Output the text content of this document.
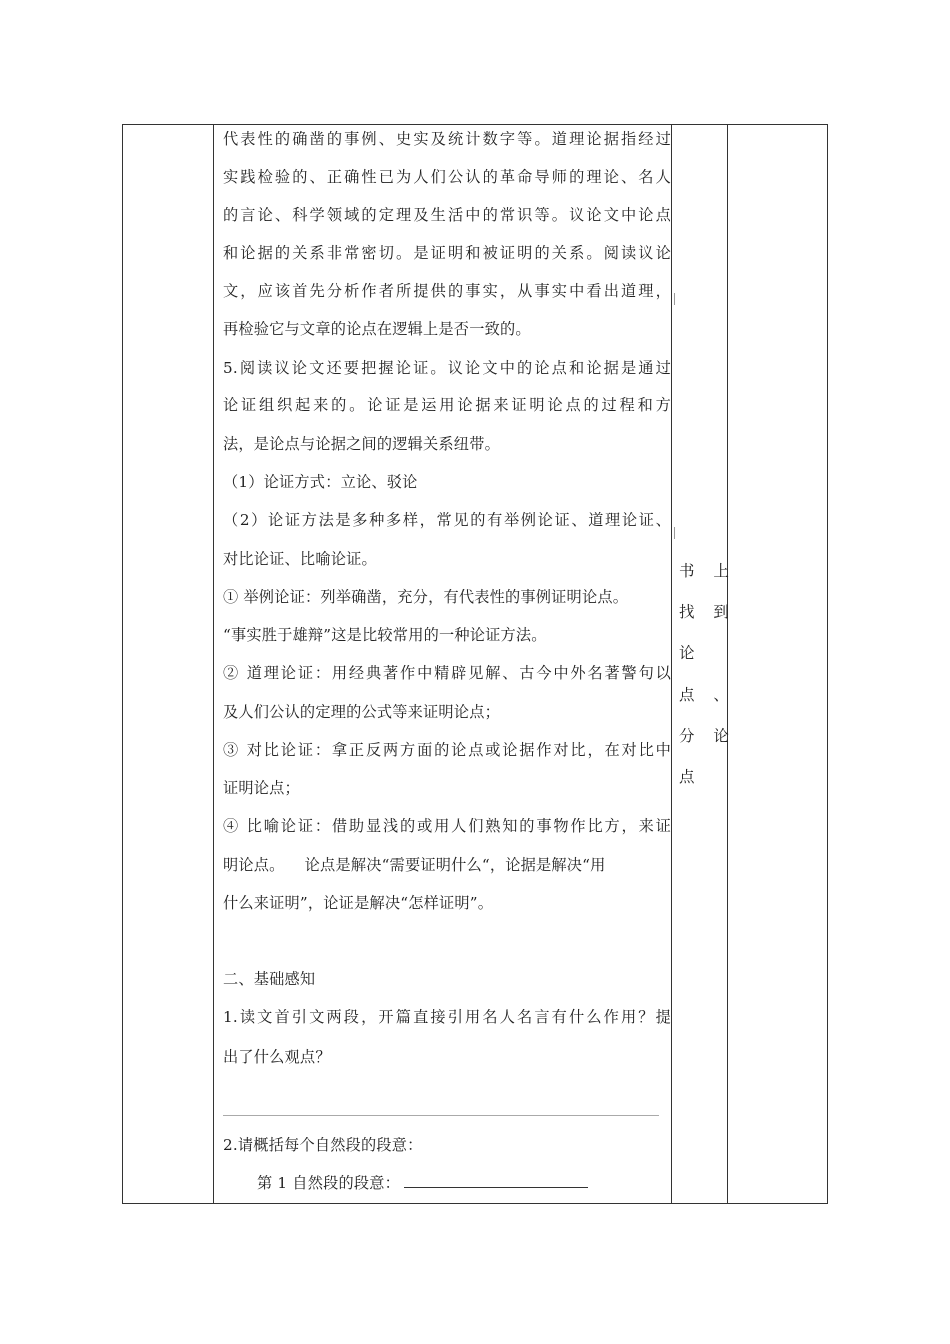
代表性的确凿的事例、史实及统计数字等。道理论据指经过
实践检验的、正确性已为人们公认的革命导师的理论、名人
的言论、科学领域的定理及生活中的常识等。议论文中论点
和论据的关系非常密切。是证明和被证明的关系。阅读议论
文，应该首先分析作者所提供的事实，从事实中看出道理，
再检验它与文章的论点在逻辑上是否一致的。
5.阅读议论文还要把握论证。议论文中的论点和论据是通过
论证组织起来的。论证是运用论据来证明论点的过程和方
法，是论点与论据之间的逻辑关系纽带。
（1）论证方式：立论、驳论
（2）论证方法是多种多样，常见的有举例论证、道理论证、
对比论证、比喻论证。
① 举例论证：列举确凿，充分，有代表性的事例证明论点。
“事实胜于雄辩”这是比较常用的一种论证方法。
② 道理论证：用经典著作中精辟见解、古今中外名著警句以
及人们公认的定理的公式等来证明论点；
③ 对比论证：拿正反两方面的论点或论据作对比，在对比中
证明论点；
④ 比喻论证：借助显浅的或用人们熟知的事物作比方，来证
明论点。    论点是解决“需要证明什么“，论据是解决“用
什么来证明”，论证是解决“怎样证明”。
二、基础感知
1.读文首引文两段，开篇直接引用名人名言有什么作用？提
出了什么观点？
2.请概括每个自然段的段意：
第 1 自然段的段意：
书 上
找 到
论
点 、
分 论
点
